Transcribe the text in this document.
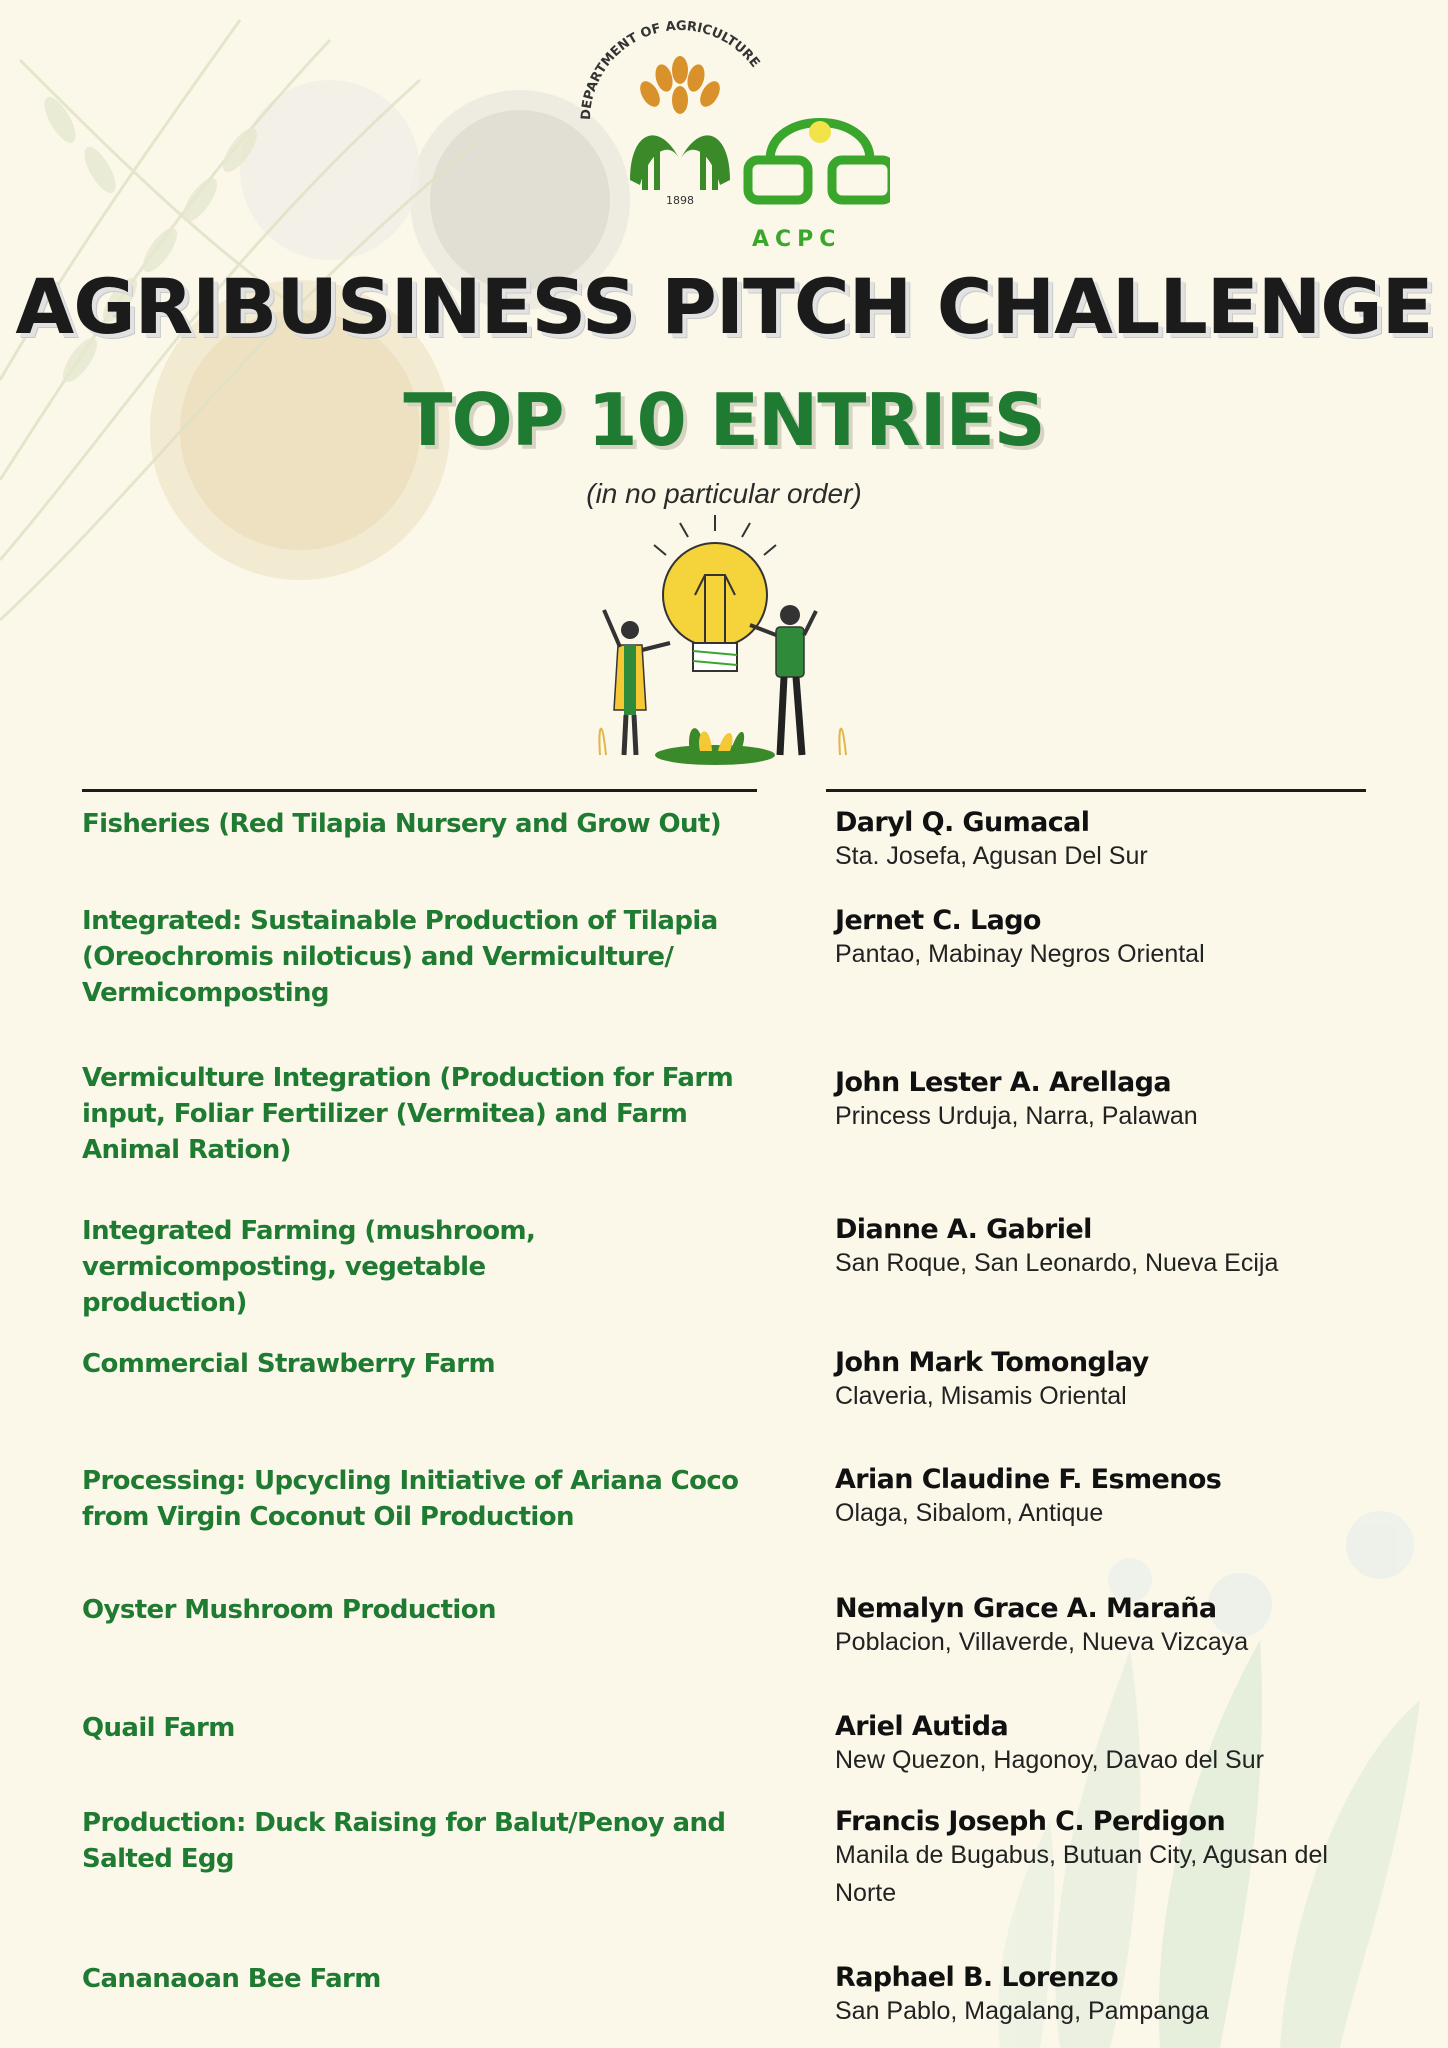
DEPARTMENT OF AGRICULTURE
1898
ACPC
AGRIBUSINESS PITCH CHALLENGE
TOP 10 ENTRIES
(in no particular order)
Fisheries (Red Tilapia Nursery and Grow Out)	Daryl Q. Gumacal
Sta. Josefa, Agusan Del Sur
Integrated: Sustainable Production of Tilapia (Oreochromis niloticus) and Vermiculture/ Vermicomposting
Jernet C. Lago
Pantao, Mabinay Negros Oriental
Vermiculture Integration (Production for Farm input, Foliar Fertilizer (Vermitea) and Farm Animal Ration)
John Lester A. Arellaga
Princess Urduja, Narra, Palawan
Integrated Farming (mushroom, vermicomposting, vegetable production)
Dianne A. Gabriel
San Roque, San Leonardo, Nueva Ecija
Commercial Strawberry Farm	John Mark Tomonglay
Claveria, Misamis Oriental
Processing: Upcycling Initiative of Ariana Coco from Virgin Coconut Oil Production
Arian Claudine F. Esmenos
Olaga, Sibalom, Antique
Oyster Mushroom Production	Nemalyn Grace A. Maraña
Poblacion, Villaverde, Nueva Vizcaya
Quail Farm	Ariel Autida
New Quezon, Hagonoy, Davao del Sur
Production: Duck Raising for Balut/Penoy and Salted Egg
Francis Joseph C. Perdigon
Manila de Bugabus, Butuan City, Agusan del Norte
Cananaoan Bee Farm	Raphael B. Lorenzo
San Pablo, Magalang, Pampanga
